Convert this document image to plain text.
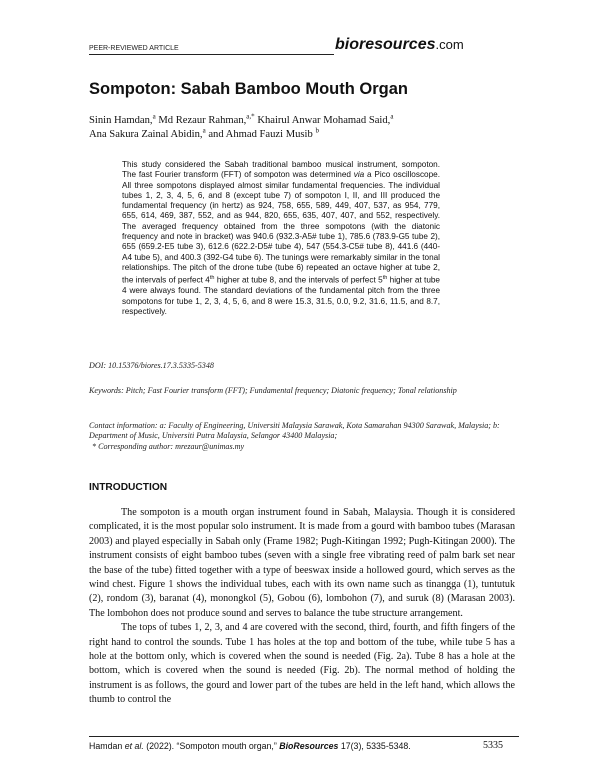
PEER-REVIEWED ARTICLE	bioresources.com
Sompoton: Sabah Bamboo Mouth Organ
Sinin Hamdan,$^a$ Md Rezaur Rahman,$^{a,*}$ Khairul Anwar Mohamad Said,$^a$
Ana Sakura Zainal Abidin,$^a$ and Ahmad Fauzi Musib $^b$
This study considered the Sabah traditional bamboo musical instrument, sompoton. The fast Fourier transform (FFT) of sompoton was determined via a Pico oscilloscope. All three sompotons displayed almost similar fundamental frequencies. The individual tubes 1, 2, 3, 4, 5, 6, and 8 (except tube 7) of sompoton I, II, and III produced the fundamental frequency (in hertz) as 924, 758, 655, 589, 449, 407, 537, as 954, 779, 655, 614, 469, 387, 552, and as 944, 820, 655, 635, 407, 407, and 552, respectively. The averaged frequency obtained from the three sompotons (with the diatonic frequency and note in bracket) was 940.6 (932.3-A5# tube 1), 785.6 (783.9-G5 tube 2), 655 (659.2-E5 tube 3), 612.6 (622.2-D5# tube 4), 547 (554.3-C5# tube 8), 441.6 (440-A4 tube 5), and 400.3 (392-G4 tube 6). The tunings were remarkably similar in the tonal relationships. The pitch of the drone tube (tube 6) repeated an octave higher at tube 2, the intervals of perfect 4th higher at tube 8, and the intervals of perfect 5th higher at tube 4 were always found. The standard deviations of the fundamental pitch from the three sompotons for tube 1, 2, 3, 4, 5, 6, and 8 were 15.3, 31.5, 0.0, 9.2, 31.6, 11.5, and 8.7, respectively.
DOI: 10.15376/biores.17.3.5335-5348
Keywords: Pitch; Fast Fourier transform (FFT); Fundamental frequency; Diatonic frequency; Tonal relationship
Contact information: a: Faculty of Engineering, Universiti Malaysia Sarawak, Kota Samarahan 94300 Sarawak, Malaysia; b: Department of Music, Universiti Putra Malaysia, Selangor 43400 Malaysia;
* Corresponding author: mrezaur@unimas.my
INTRODUCTION

The sompoton is a mouth organ instrument found in Sabah, Malaysia. Though it is considered complicated, it is the most popular solo instrument. It is made from a gourd with bamboo tubes (Marasan 2003) and played especially in Sabah only (Frame 1982; Pugh-Kitingan 1992; Pugh-Kitingan 2000). The instrument consists of eight bamboo tubes (seven with a single free vibrating reed of palm bark set near the base of the tube) fitted together with a type of beeswax inside a hollowed gourd, which serves as the wind chest. Figure 1 shows the individual tubes, each with its own name such as tinangga (1), tuntutuk (2), rondom (3), baranat (4), monongkol (5), Gobou (6), lombohon (7), and suruk (8) (Marasan 2003). The lombohon does not produce sound and serves to balance the tube structure arrangement.

The tops of tubes 1, 2, 3, and 4 are covered with the second, third, fourth, and fifth fingers of the right hand to control the sounds. Tube 1 has holes at the top and bottom of the tube, while tube 5 has a hole at the bottom only, which is covered when the sound is needed (Fig. 2a). Tube 8 has a hole at the bottom, which is covered when the sound is needed (Fig. 2b). The normal method of holding the instrument is as follows, the gourd and lower part of the tubes are held in the left hand, which allows the thumb to control the

Hamdan et al. (2022). “Sompoton mouth organ,” BioResources 17(3), 5335-5348.	5335
